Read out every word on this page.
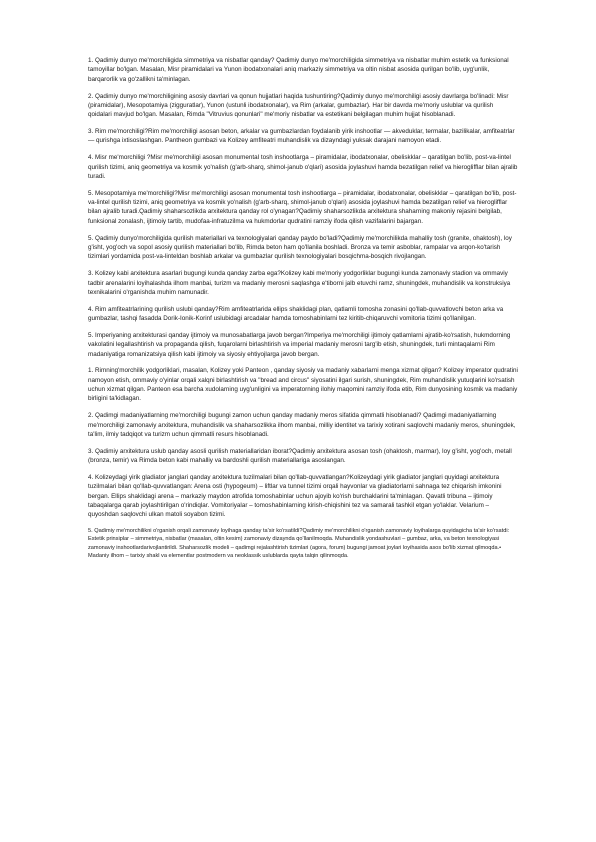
1. Qadimiy dunyo me'morchiligida simmetriya va nisbatlar qanday? Qadimiy dunyo me'morchiligida simmetriya va nisbatlar muhim estetik va funksional tamoyillar bo'lgan. Masalan, Misr piramidalari va Yunon ibodatxonalari aniq markaziy simmetriya va oltin nisbat asosida qurilgan bo'lib, uyg'unlik, barqarorlik va go'zallikni ta'minlagan.

2. Qadimiy dunyo me'morchiligining asosiy davrlari va qonun hujjatlari haqida tushuntiring?Qadimiy dunyo me'morchiligi asosiy davrlarga bo'linadi: Misr (piramidalar), Mesopotamiya (zigguratlar), Yunon (ustunli ibodatxonalar), va Rim (arkalar, gumbazlar). Har bir davrda me'moriy uslublar va qurilish qoidalari mavjud bo'lgan. Masalan, Rimda "Vitruvius qonunlari" me'moriy nisbatlar va estetikani belgilagan muhim hujjat hisoblanadi.

3. Rim me'morchiligi?Rim me'morchiligi asosan beton, arkalar va gumbazlardan foydalanib yirik inshootlar — akveduklar, termalar, bazilikalar, amfiteatrlar — qurishga ixtisoslashgan. Pantheon gumbazi va Kolizey amfiteatri muhandislik va dizayndagi yuksak darajani namoyon etadi.

4. Misr me'morchiligi ?Misr me'morchiligi asosan monumental tosh inshootlarga – piramidalar, ibodatxonalar, obeliskklar – qaratilgan bo'lib, post-va-lintel qurilish tizimi, aniq geometriya va kosmik yo'nalish (g'arb-sharq, shimol-janub o'qlari) asosida joylashuvi hamda bezatilgan relief va hieroglifflar bilan ajralib turadi.

5. Mesopotamiya me'morchiligi?Misr me'morchiligi asosan monumental tosh inshootlarga – piramidalar, ibodatxonalar, obeliskklar – qaratilgan bo'lib, post-va-lintel qurilish tizimi, aniq geometriya va kosmik yo'nalish (g'arb-sharq, shimol-janub o'qlari) asosida joylashuvi hamda bezatilgan relief va hieroglifflar bilan ajralib turadi.Qadimiy shaharsozlikda arxitektura qanday rol o'ynagan?Qadimiy shaharsozlikda arxitektura shaharning makoniy rejasini belgilab, funksional zonalash, ijtimoiy tartib, mudofaa-infratuzilma va hukmdorlar qudratini ramziy ifoda qilish vazifalarini bajargan.

5. Qadimiy dunyo'morchiligida qurilish materiallari va texnologiyalari qanday paydo bo'ladi?Qadimiy me'morchilikda mahalliy tosh (granite, ohaktosh), loy g'isht, yog'och va sopol asosiy qurilish materiallari bo'lib, Rimda beton ham qo'llanila boshladi. Bronza va temir asboblar, rampalar va arqon-ko'tarish tizimlari yordamida post-va-linteldan boshlab arkalar va gumbazlar qurilish texnologiyalari bosqichma-bosqich rivojlangan.

3. Kolizey kabi arxitektura asarlari bugungi kunda qanday zarba ega?Kolizey kabi me'moriy yodgorliklar bugungi kunda zamonaviy stadion va ommaviy tadbir arenalarini loyihalashda ilhom manbai, turizm va madaniy merosni saqlashga e'tiborni jalb etuvchi ramz, shuningdek, muhandislik va konstruksiya texnikalarini o'rganishda muhim namunadir.

4. Rim amfiteatrlarining qurilish uslubi qanday?Rim amfiteatrlarida ellips shaklidagi plan, qatlamli tomosha zonasini qo'llab-quvvatlovchi beton arka va gumbazlar, tashqi fasadda Dorik-Ionik-Korinf uslubidagi arcadalar hamda tomoshabinlarni tez kiritib-chiqaruvchi vomitoria tizimi qo'llanilgan.

5. Imperiyaning arxitekturasi qanday ijtimoiy va munosabatlarga javob bergan?Imperiya me'morchiligi ijtimoiy qatlamlarni ajratib-ko'rsatish, hukmdorning vakolatini legallashtirish va propaganda qilish, fuqarolarni birlashtirish va imperial madaniy merosni targ'ib etish, shuningdek, turli mintaqalarni Rim madaniyatiga romanizatsiya qilish kabi ijtimoiy va siyosiy ehtiyojlarga javob bergan.

1. Rimning'morchilik yodgorliklari, masalan, Kolizey yoki Panteon , qanday siyosiy va madaniy xabarlarni menga xizmat qilgan? Kolizey imperator qudratini namoyon etish, ommaviy o'yinlar orqali xalqni birlashtirish va "bread and circus" siyosatini ilgari surish, shuningdek, Rim muhandislik yutuqlarini ko'rsatish uchun xizmat qilgan. Panteon esa barcha xudolarning uyg'unligini va imperatorning ilohiy maqomini ramziy ifoda etib, Rim dunyosining kosmik va madaniy birligini ta'kidlagan.

2. Qadimgi madaniyatlarning me'morchiligi bugungi zamon uchun qanday madaniy meros sifatida qimmatli hisoblanadi? Qadimgi madaniyatlarning me'morchiligi zamonaviy arxitektura, muhandislik va shaharsozlikka ilhom manbai, milliy identitet va tarixiy xotirani saqlovchi madaniy meros, shuningdek, ta'lim, ilmiy tadqiqot va turizm uchun qimmatli resurs hisoblanadi.

3. Qadimiy arxitektura uslub qanday asosli qurilish materiallaridan iborat?Qadimiy arxitektura asosan tosh (ohaktosh, marmar), loy g'isht, yog'och, metall (bronza, temir) va Rimda beton kabi mahalliy va bardoshli qurilish materiallariga asoslangan.

4. Kolizeydagi yirik gladiator janglari qanday arxitektura tuzilmalari bilan qo'llab-quvvatlangan?Kolizeydagi yirik gladiator janglari quyidagi arxitektura tuzilmalari bilan qo'llab-quvvatlangan: Arena osti (hypogeum) – liftlar va tunnel tizimi orqali hayvonlar va gladiatorlarni sahnaga tez chiqarish imkonini bergan. Ellips shaklidagi arena – markaziy maydon atrofida tomoshabinlar uchun ajoyib ko'rish burchaklarini ta'minlagan. Qavatli tribuna – ijtimoiy tabaqalarga qarab joylashtirilgan o'rindiqlar. Vomitoriyalar – tomoshabinlarning kirish-chiqishini tez va samarali tashkil etgan yo'laklar. Velarium – quyoshdan saqlovchi ulkan matoli soyabon tizimi.

5. Qadimiy me'morchilikni o'rganish orqali zamonaviy loyihaga qanday ta'sir ko'rsatildi?Qadimiy me'morchilikni o'rganish zamonaviy loyihalarga quyidagicha ta'sir ko'rsatdi: Estetik prinsiplar – simmetriya, nisbatlar (masalan, oltin kesim) zamonaviy dizaynda qo'llanilmoqda. Muhandislik yondashuvlari – gumbaz, arka, va beton texnologiyasi zamonaviy inshootlardarivojlantirildi. Shaharsozlik modeli – qadimgi rejalashtirish tizimlari (agora, forum) bugungi jamoat joylari loyihasida asos bo'lib xizmat qilmoqda.• Madaniy ilhom – tarixiy shakl va elementlar postmodern va neoklassik uslublarda qayta talqin qilinmoqda.
